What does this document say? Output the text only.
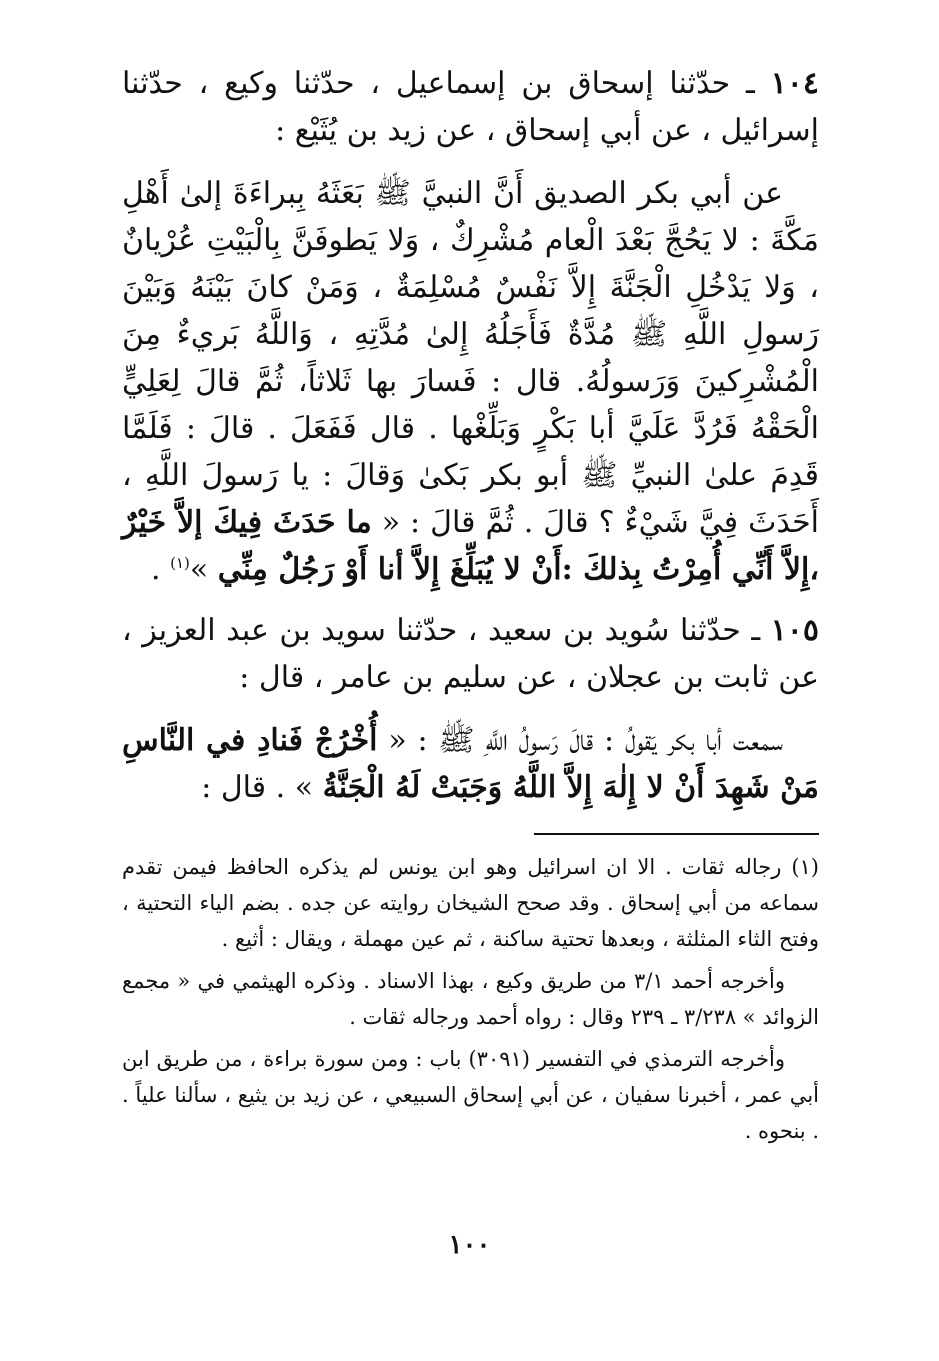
١٠٤ ـ حدّثنا إسحاق بن إسماعيل ، حدّثنا وكيع ، حدّثنا إسرائيل ، عن أبي إسحاق ، عن زيد بن يُثَيْع :

عن أبي بكر الصديق أَنَّ النبيَّ ﷺ بَعَثَهُ بِبراءَةَ إلىٰ أَهْلِ مَكَّةَ : لا يَحُجَّ بَعْدَ الْعام مُشْرِكٌ ، وَلا يَطوفَنَّ بِالْبَيْتِ عُرْيانٌ ، وَلا يَدْخُلِ الْجَنَّةَ إِلاَّ نَفْسٌ مُسْلِمَةٌ ، وَمَنْ كانَ بَيْنَهُ وَبَيْنَ رَسولِ اللَّهِ ﷺ مُدَّةٌ فَأَجَلُهُ إِلىٰ مُدَّتِهِ ، وَاللَّهُ بَريءٌ مِنَ الْمُشْرِكينَ وَرَسولُهُ. قال : فَسارَ بها ثَلاثاً، ثُمَّ قالَ لِعَلِيٍّ الْحَقْهُ فَرُدَّ عَلَيَّ أبا بَكْرٍ وَبَلِّغْها . قال فَفَعَلَ . قالَ : فَلَمَّا قَدِمَ علىٰ النبيِّ ﷺ أبو بكر بَكىٰ وَقالَ : يا رَسولَ اللَّهِ ، أَحَدَثَ فِيَّ شَيْءٌ ؟ قالَ . ثُمَّ قالَ : « ما حَدَثَ فِيكَ إلاَّ خَيْرٌ ،إِلاَّ أَنِّي أُمِرْتُ بِذلكَ :أَنْ لا يُبَلِّغَ إِلاَّ أنا أَوْ رَجُلٌ مِنِّي »$^{(١)}$ .

١٠٥ ـ حدّثنا سُويد بن سعيد ، حدّثنا سويد بن عبد العزيز ، عن ثابت بن عجلان ، عن سليم بن عامر ، قال :

سمعت أبا بكر يَقولُ : قالَ رَسولُ اللَّهِ ﷺ : « أُخْرُجْ فَنادِ في النَّاسِ مَنْ شَهِدَ أَنْ لا إِلٰهَ إِلاَّ اللَّهُ وَجَبَتْ لَهُ الْجَنَّةُ » . قال :

(١) رجاله ثقات . الا ان اسرائيل وهو ابن يونس لم يذكره الحافظ فيمن تقدم سماعه من أبي إسحاق . وقد صحح الشيخان روايته عن جده . بضم الياء التحتية ، وفتح الثاء المثلثة ، وبعدها تحتية ساكنة ، ثم عين مهملة ، ويقال : أثيع .

وأخرجه أحمد ٣/١ من طريق وكيع ، بهذا الاسناد . وذكره الهيثمي في « مجمع الزوائد » ٣/٢٣٨ ـ ٢٣٩ وقال : رواه أحمد ورجاله ثقات .

وأخرجه الترمذي في التفسير (٣٠٩١) باب : ومن سورة براءة ، من طريق ابن أبي عمر ، أخبرنا سفيان ، عن أبي إسحاق السبيعي ، عن زيد بن يثيع ، سألنا علياً . . بنحوه .

١٠٠
